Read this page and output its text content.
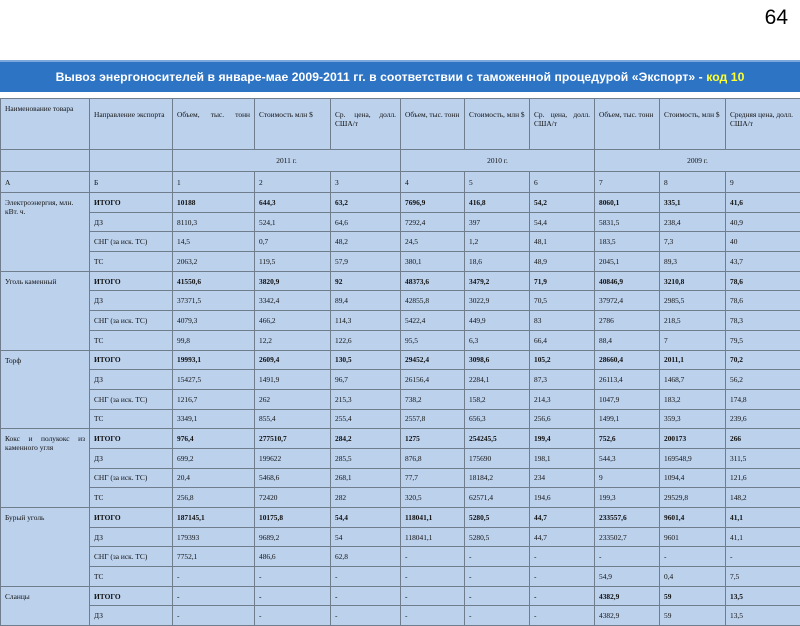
64
Вывоз энергоносителей в январе-мае 2009-2011 гг. в соответствии с таможенной процедурой «Экспорт» - код 10
Наименование товара	Направление экспорта	Объем, тыс. тонн	Стоимость млн $	Ср. цена, долл. США/т	Объем, тыс. тонн	Стоимость, млн $	Ср. цена, долл. США/т	Объем, тыс. тонн	Стоимость, млн $	Средняя цена, долл. США/т
		2011 г.			2010 г.			2009 г.		
А	Б	1	2	3	4	5	6	7	8	9
Электроэнергия, млн. кВт. ч.	ИТОГО	10188	644,3	63,2	7696,9	416,8	54,2	8060,1	335,1	41,6
	ДЗ	8110,3	524,1	64,6	7292,4	397	54,4	5831,5	238,4	40,9
	СНГ (за иск. ТС)	14,5	0,7	48,2	24,5	1,2	48,1	183,5	7,3	40
	ТС	2063,2	119,5	57,9	380,1	18,6	48,9	2045,1	89,3	43,7
Уголь каменный	ИТОГО	41550,6	3820,9	92	48373,6	3479,2	71,9	40846,9	3210,8	78,6
	ДЗ	37371,5	3342,4	89,4	42855,8	3022,9	70,5	37972,4	2985,5	78,6
	СНГ (за иск. ТС)	4079,3	466,2	114,3	5422,4	449,9	83	2786	218,5	78,3
	ТС	99,8	12,2	122,6	95,5	6,3	66,4	88,4	7	79,5
Торф	ИТОГО	19993,1	2609,4	130,5	29452,4	3098,6	105,2	28660,4	2011,1	70,2
	ДЗ	15427,5	1491,9	96,7	26156,4	2284,1	87,3	26113,4	1468,7	56,2
	СНГ (за иск. ТС)	1216,7	262	215,3	738,2	158,2	214,3	1047,9	183,2	174,8
	ТС	3349,1	855,4	255,4	2557,8	656,3	256,6	1499,1	359,3	239,6
Кокс и полукокс из каменного угля	ИТОГО	976,4	277510,7	284,2	1275	254245,5	199,4	752,6	200173	266
	ДЗ	699,2	199622	285,5	876,8	175690	198,1	544,3	169548,9	311,5
	СНГ (за иск. ТС)	20,4	5468,6	268,1	77,7	18184,2	234	9	1094,4	121,6
	ТС	256,8	72420	282	320,5	62571,4	194,6	199,3	29529,8	148,2
Бурый уголь	ИТОГО	187145,1	10175,8	54,4	118041,1	5280,5	44,7	233557,6	9601,4	41,1
	ДЗ	179393	9689,2	54	118041,1	5280,5	44,7	233502,7	9601	41,1
	СНГ (за иск. ТС)	7752,1	486,6	62,8	-	-	-	-	-	-
	ТС	-	-	-	-	-	-	54,9	0,4	7,5
Сланцы	ИТОГО	-	-	-	-	-	-	4382,9	59	13,5
	ДЗ	-	-	-	-	-	-	4382,9	59	13,5
